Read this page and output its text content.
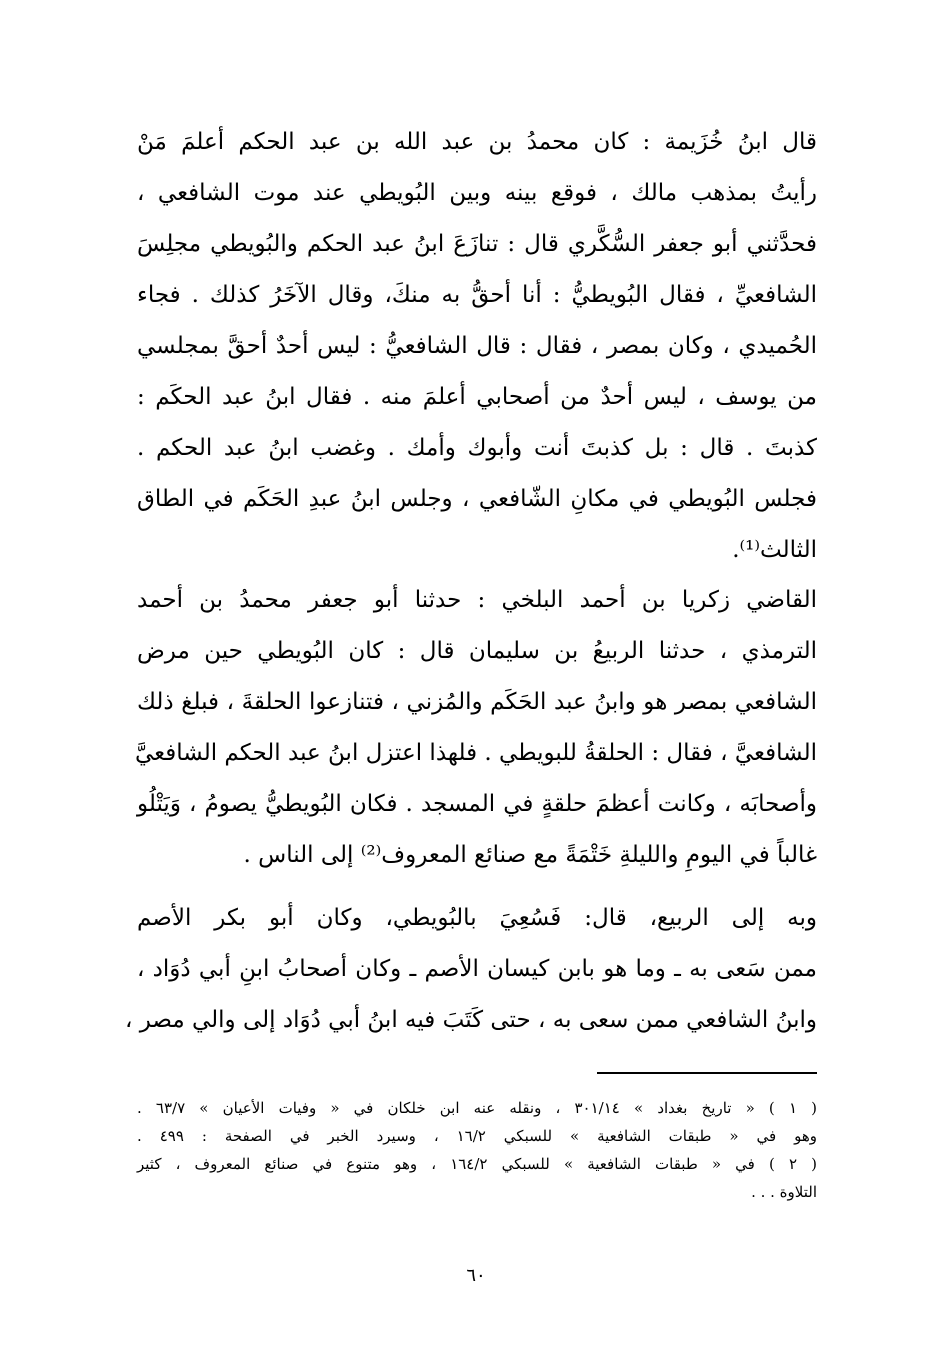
قال ابنُ خُزَيمة : كان محمدُ بن عبد الله بن عبد الحكم أعلمَ مَنْ
رأيتُ بمذهب مالك ، فوقع بينه وبين البُويطي عند موت الشافعي ،
فحدَّثني أبو جعفر السُّكَّري قال : تنازَعَ ابنُ عبد الحكم والبُويطي مجلِسَ
الشافعيِّ ، فقال البُويطيُّ : أنا أحقُّ به منكَ، وقال الآخَرُ كذلك . فجاء
الحُميدي ، وكان بمصر ، فقال : قال الشافعيُّ : ليس أحدٌ أحقَّ بمجلسي
من يوسف ، ليس أحدٌ من أصحابي أعلمَ منه . فقال ابنُ عبد الحكَم :
كذبتَ . قال : بل كذبتَ أنت وأبوك وأمك . وغضب ابنُ عبد الحكم .
فجلس البُويطي في مكانِ الشّافعي ، وجلس ابنُ عبدِ الحَكَم في الطاق
الثالث⁽¹⁾.
القاضي زكريا بن أحمد البلخي : حدثنا أبو جعفر محمدُ بن أحمد
الترمذي ، حدثنا الربيعُ بن سليمان قال : كان البُويطي حين مرض
الشافعي بمصر هو وابنُ عبد الحَكَم والمُزني ، فتنازعوا الحلقةَ ، فبلغ ذلك
الشافعيَّ ، فقال : الحلقةُ للبويطي . فلهذا اعتزل ابنُ عبد الحكم الشافعيَّ
وأصحابَه ، وكانت أعظمَ حلقةٍ في المسجد . فكان البُويطيُّ يصومُ ، وَيَتْلُو
غالباً في اليومِ والليلةِ خَتْمَةً مع صنائع المعروف⁽²⁾ إلى الناس .
وبه إلى الربيع، قال: فَسُعِيَ بالبُويطي، وكان أبو بكر الأصم
ممن سَعى به ـ وما هو بابن كيسان الأصم ـ وكان أصحابُ ابنِ أبي دُوَاد ،
وابنُ الشافعي ممن سعى به ، حتى كَتَبَ فيه ابنُ أبي دُوَاد إلى والي مصر ،
( ١ ) « تاريخ بغداد » ٣٠١/١٤ ، ونقله عنه ابن خلكان في « وفيات الأعيان » ٦٣/٧ .
وهو في « طبقات الشافعية » للسبكي ١٦/٢ ، وسيرد الخبر في الصفحة : ٤٩٩ .
( ٢ ) في « طبقات الشافعية » للسبكي ١٦٤/٢ ، وهو متنوع في صنائع المعروف ، كثير
التلاوة . . .
٦٠
